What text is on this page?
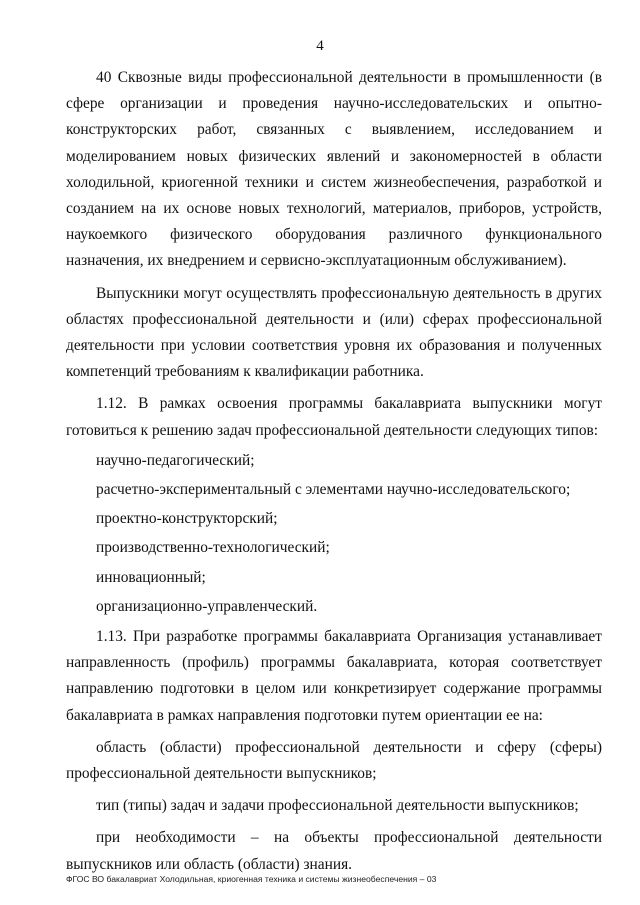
4

40 Сквозные виды профессиональной деятельности в промышленности (в сфере организации и проведения научно-исследовательских и опытно-конструкторских работ, связанных с выявлением, исследованием и моделированием новых физических явлений и закономерностей в области холодильной, криогенной техники и систем жизнеобеспечения, разработкой и созданием на их основе новых технологий, материалов, приборов, устройств, наукоемкого физического оборудования различного функционального назначения, их внедрением и сервисно-эксплуатационным обслуживанием).

Выпускники могут осуществлять профессиональную деятельность в других областях профессиональной деятельности и (или) сферах профессиональной деятельности при условии соответствия уровня их образования и полученных компетенций требованиям к квалификации работника.

1.12. В рамках освоения программы бакалавриата выпускники могут готовиться к решению задач профессиональной деятельности следующих типов:

научно-педагогический;

расчетно-экспериментальный с элементами научно-исследовательского;

проектно-конструкторский;

производственно-технологический;

инновационный;

организационно-управленческий.

1.13. При разработке программы бакалавриата Организация устанавливает направленность (профиль) программы бакалавриата, которая соответствует направлению подготовки в целом или конкретизирует содержание программы бакалавриата в рамках направления подготовки путем ориентации ее на:

область (области) профессиональной деятельности и сферу (сферы) профессиональной деятельности выпускников;

тип (типы) задач и задачи профессиональной деятельности выпускников;

при необходимости – на объекты профессиональной деятельности выпускников или область (области) знания.

ФГОС ВО бакалавриат Холодильная, криогенная техника и системы жизнеобеспечения – 03
